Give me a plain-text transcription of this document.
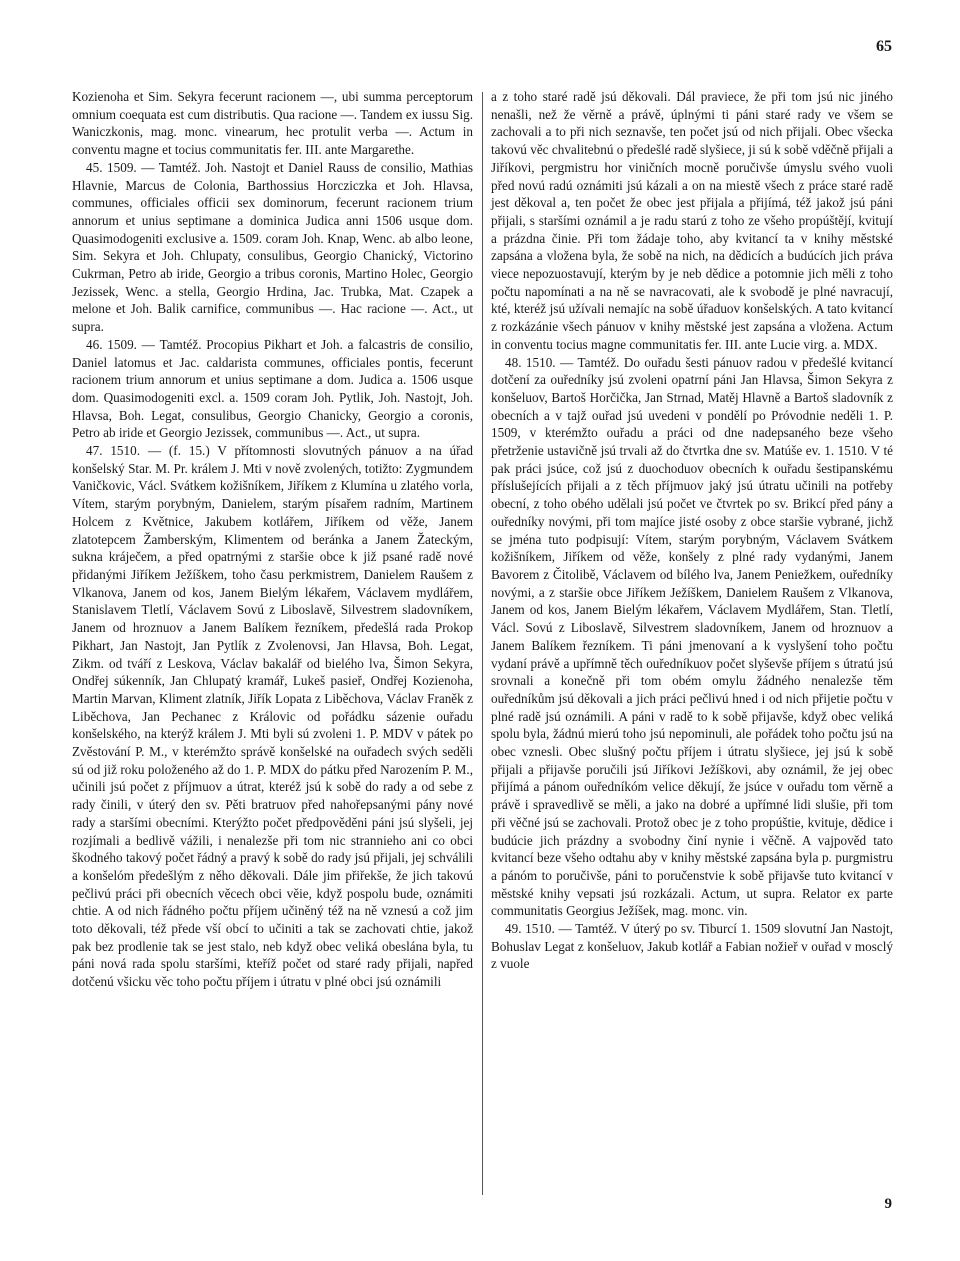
65

Kozienoha et Sim. Sekyra fecerunt racionem —, ubi summa perceptorum omnium coequata est cum distributis. Qua racione —. Tandem ex iussu Sig. Waniczkonis, mag. monc. vinearum, hec protulit verba —. Actum in conventu magne et tocius communitatis fer. III. ante Margarethe.

45. 1509. — Tamtéž. Joh. Nastojt et Daniel Rauss de consilio, Mathias Hlavnie, Marcus de Colonia, Barthossius Horcziczka et Joh. Hlavsa, communes, officiales officii sex dominorum, fecerunt racionem trium annorum et unius septimane a dominica Judica anni 1506 usque dom. Quasimodogeniti exclusive a. 1509. coram Joh. Knap, Wenc. ab albo leone, Sim. Sekyra et Joh. Chlupaty, consulibus, Georgio Chanický, Victorino Cukrman, Petro ab iride, Georgio a tribus coronis, Martino Holec, Georgio Jezissek, Wenc. a stella, Georgio Hrdina, Jac. Trubka, Mat. Czapek a melone et Joh. Balik carnifice, communibus —. Hac racione —. Act., ut supra.

46. 1509. — Tamtéž. Procopius Pikhart et Joh. a falcastris de consilio, Daniel latomus et Jac. caldarista communes, officiales pontis, fecerunt racionem trium annorum et unius septimane a dom. Judica a. 1506 usque dom. Quasimodogeniti excl. a. 1509 coram Joh. Pytlik, Joh. Nastojt, Joh. Hlavsa, Boh. Legat, consulibus, Georgio Chanicky, Georgio a coronis, Petro ab iride et Georgio Jezissek, communibus —. Act., ut supra.

47. 1510. — (f. 15.) V přítomnosti slovutných pánuov a na úřad konšelský Star. M. Pr. králem J. Mti v nově zvolených, totižto: Zygmundem Vaničkovic, Václ. Svátkem kožišníkem, Jiříkem z Klumína u zlatého vorla, Vítem, starým porybným, Danielem, starým písařem radním, Martinem Holcem z Květnice, Jakubem kotlářem, Jiříkem od věže, Janem zlatotepcem Žamberským, Klimentem od beránka a Janem Žateckým, sukna kráječem, a před opatrnými z staršie obce k již psané radě nové přidanými Jiříkem Ježíškem, toho času perkmistrem, Danielem Raušem z Vlkanova, Janem od kos, Janem Bielým lékařem, Václavem mydlářem, Stanislavem Tletlí, Václavem Sovú z Liboslavě, Silvestrem sladovníkem, Janem od hroznuov a Janem Balíkem řezníkem, předešlá rada Prokop Pikhart, Jan Nastojt, Jan Pytlík z Zvolenovsi, Jan Hlavsa, Boh. Legat, Zikm. od tváří z Leskova, Václav bakalář od bieléhо lva, Šimon Sekyra, Ondřej súkenník, Jan Chlupatý kramář, Lukeš pasieř, Ondřej Kozienoha, Martin Marvan, Kliment zlatník, Jiřík Lopata z Liběchova, Václav Franěk z Liběchova, Jan Pechanec z Královic od pořádku sázenie ouřadu konšelského, na kterýž králem J. Mti byli sú zvoleni 1. P. MDV v pátek po Zvěstování P. M., v kterémžto správě konšelské na ouřadech svých seděli sú od již roku položeného až do 1. P. MDX do pátku před Narozením P. M., učinili jsú počet z příjmuov a útrat, kteréž jsú k sobě do rady a od sebe z rady činili, v úterý den sv. Pěti bratruov před nahořepsanými pány nové rady a staršími obecními. Kterýžto počet předpověděni páni jsú slyšeli, jej rozjímali a bedlivě vážili, i nenalezše při tom nic strannieho ani co obci škodného takový počet řádný a pravý k sobě do rady jsú přijali, jej schválili a konšelóm předešlým z něho děkovali. Dále jim přiřekše, že jich takovú pečlivú práci při obecních věcech obci věie, když pospolu bude, oznámiti chtie. A od nich řádného počtu příjem učiněný též na ně vznesú a což jim toto děkovali, též přede vší obcí to učiniti a tak se zachovati chtie, jakož pak bez prodlenie tak se jest stalo, neb když obec veliká obeslána byla, tu páni nová rada spolu staršími, kteříž počet od staré rady přijali, napřed dotčenú všicku věc toho počtu příjem i útratu v plné obci jsú oznámili

a z toho staré radě jsú děkovali. Dál praviece, že při tom jsú nic jiného nenašli, než že věrně a právě, úplnými ti páni staré rady ve všem se zachovali a to při nich seznavše, ten počet jsú od nich přijali. Obec všecka takovú věc chvalitebnú o předešlé radě slyšiece, ji sú k sobě vděčně přijali a Jiříkovi, pergmistru hor viničních mocně poručivše úmyslu svého vuoli před novú radú oznámiti jsú kázali a on na miestě všech z práce staré radě jest děkoval a, ten počet že obec jest přijala a přijímá, též jakož jsú páni přijali, s staršími oznámil a je radu starú z toho ze všeho propúštějí, kvitují a prázdna činie. Při tom žádaje toho, aby kvitancí ta v knihy městské zapsána a vložena byla, že sobě na nich, na dědicích a budúcích jich práva viece nepozuostavují, kterým by je neb dědice a potomnie jich měli z toho počtu napomínati a na ně se navracovati, ale k svobodě je plné navracují, kté, kteréž jsú užívali nemajíc na sobě úřaduov konšelských. A tato kvitancí z rozkázánie všech pánuov v knihy městské jest zapsána a vložena. Actum in conventu tocius magne communitatis fer. III. ante Lucie virg. a. MDX.

48. 1510. — Tamtéž. Do ouřadu šesti pánuov radou v předešlé kvitancí dotčení za ouředníky jsú zvoleni opatrní páni Jan Hlavsa, Šimon Sekyra z konšeluov, Bartoš Horčička, Jan Strnad, Matěj Hlavně a Bartoš sladovník z obecních a v tajž ouřad jsú uvedeni v pondělí po Próvodnie neděli 1. P. 1509, v kterémžto ouřadu a práci od dne nadepsaného beze všeho přetrženie ustavičně jsú trvali až do čtvrtka dne sv. Matúše ev. 1. 1510. V té pak práci jsúce, což jsú z duochoduov obecních k ouřadu šestipanskému příslušejících přijali a z těch příjmuov jaký jsú útratu učinili na potřeby obecní, z toho obého udělali jsú počet ve čtvrtek po sv. Brikcí před pány a ouředníky novými, při tom majíce jisté osoby z obce staršie vybrané, jichž se jména tuto podpisují: Vítem, starým porybným, Václavem Svátkem kožišníkem, Jiříkem od věže, konšely z plné rady vydanými, Janem Bavorem z Čitolibě, Václavem od bílého lva, Janem Peniežkem, ouředníky novými, a z staršie obce Jiříkem Ježíškem, Danielem Raušem z Vlkanova, Janem od kos, Janem Bielým lékařem, Václavem Mydlářem, Stan. Tletlí, Václ. Sovú z Liboslavě, Silvestrem sladovníkem, Janem od hroznuov a Janem Balíkem řezníkem. Ti páni jmenovaní a k vyslyšení toho počtu vydaní právě a upřímně těch ouředníkuov počet slyševše příjem s útratú jsú srovnali a konečně při tom obém omylu žádného nenalezše těm ouředníkům jsú děkovali a jich práci pečlivú hned i od nich přijetie počtu v plné radě jsú oznámili. A páni v radě to k sobě přijavše, když obec veliká spolu byla, žádnú mierú toho jsú nepominuli, ale pořádek toho počtu jsú na obec vznesli. Obec slušný počtu příjem i útratu slyšiece, jej jsú k sobě přijali a přijavše poručili jsú Jiříkovi Ježíškovi, aby oznámil, že jej obec přijímá a pánom ouředníkóm velice děkují, že jsúce v ouřadu tom věrně a právě i spravedlivě se měli, a jako na dobré a upřímné lidi slušie, při tom při věčné jsú se zachovali. Protož obec je z toho propúštie, kvituje, dědice i budúcie jich prázdny a svobodny činí nynie i věčně. A vajpověd tato kvitancí beze všeho odtahu aby v knihy městské zapsána byla p. purgmistru a pánóm to poručivše, páni to poručenstvie k sobě přijavše tuto kvitancí v městské knihy vepsati jsú rozkázali. Actum, ut supra. Relator ex parte communitatis Georgius Ježíšek, mag. monc. vin.

49. 1510. — Tamtéž. V úterý po sv. Tiburcí 1. 1509 slovutní Jan Nastojt, Bohuslav Legat z konšeluov, Jakub kotlář a Fabian nožieř v ouřad v mosclý z vuole

9
